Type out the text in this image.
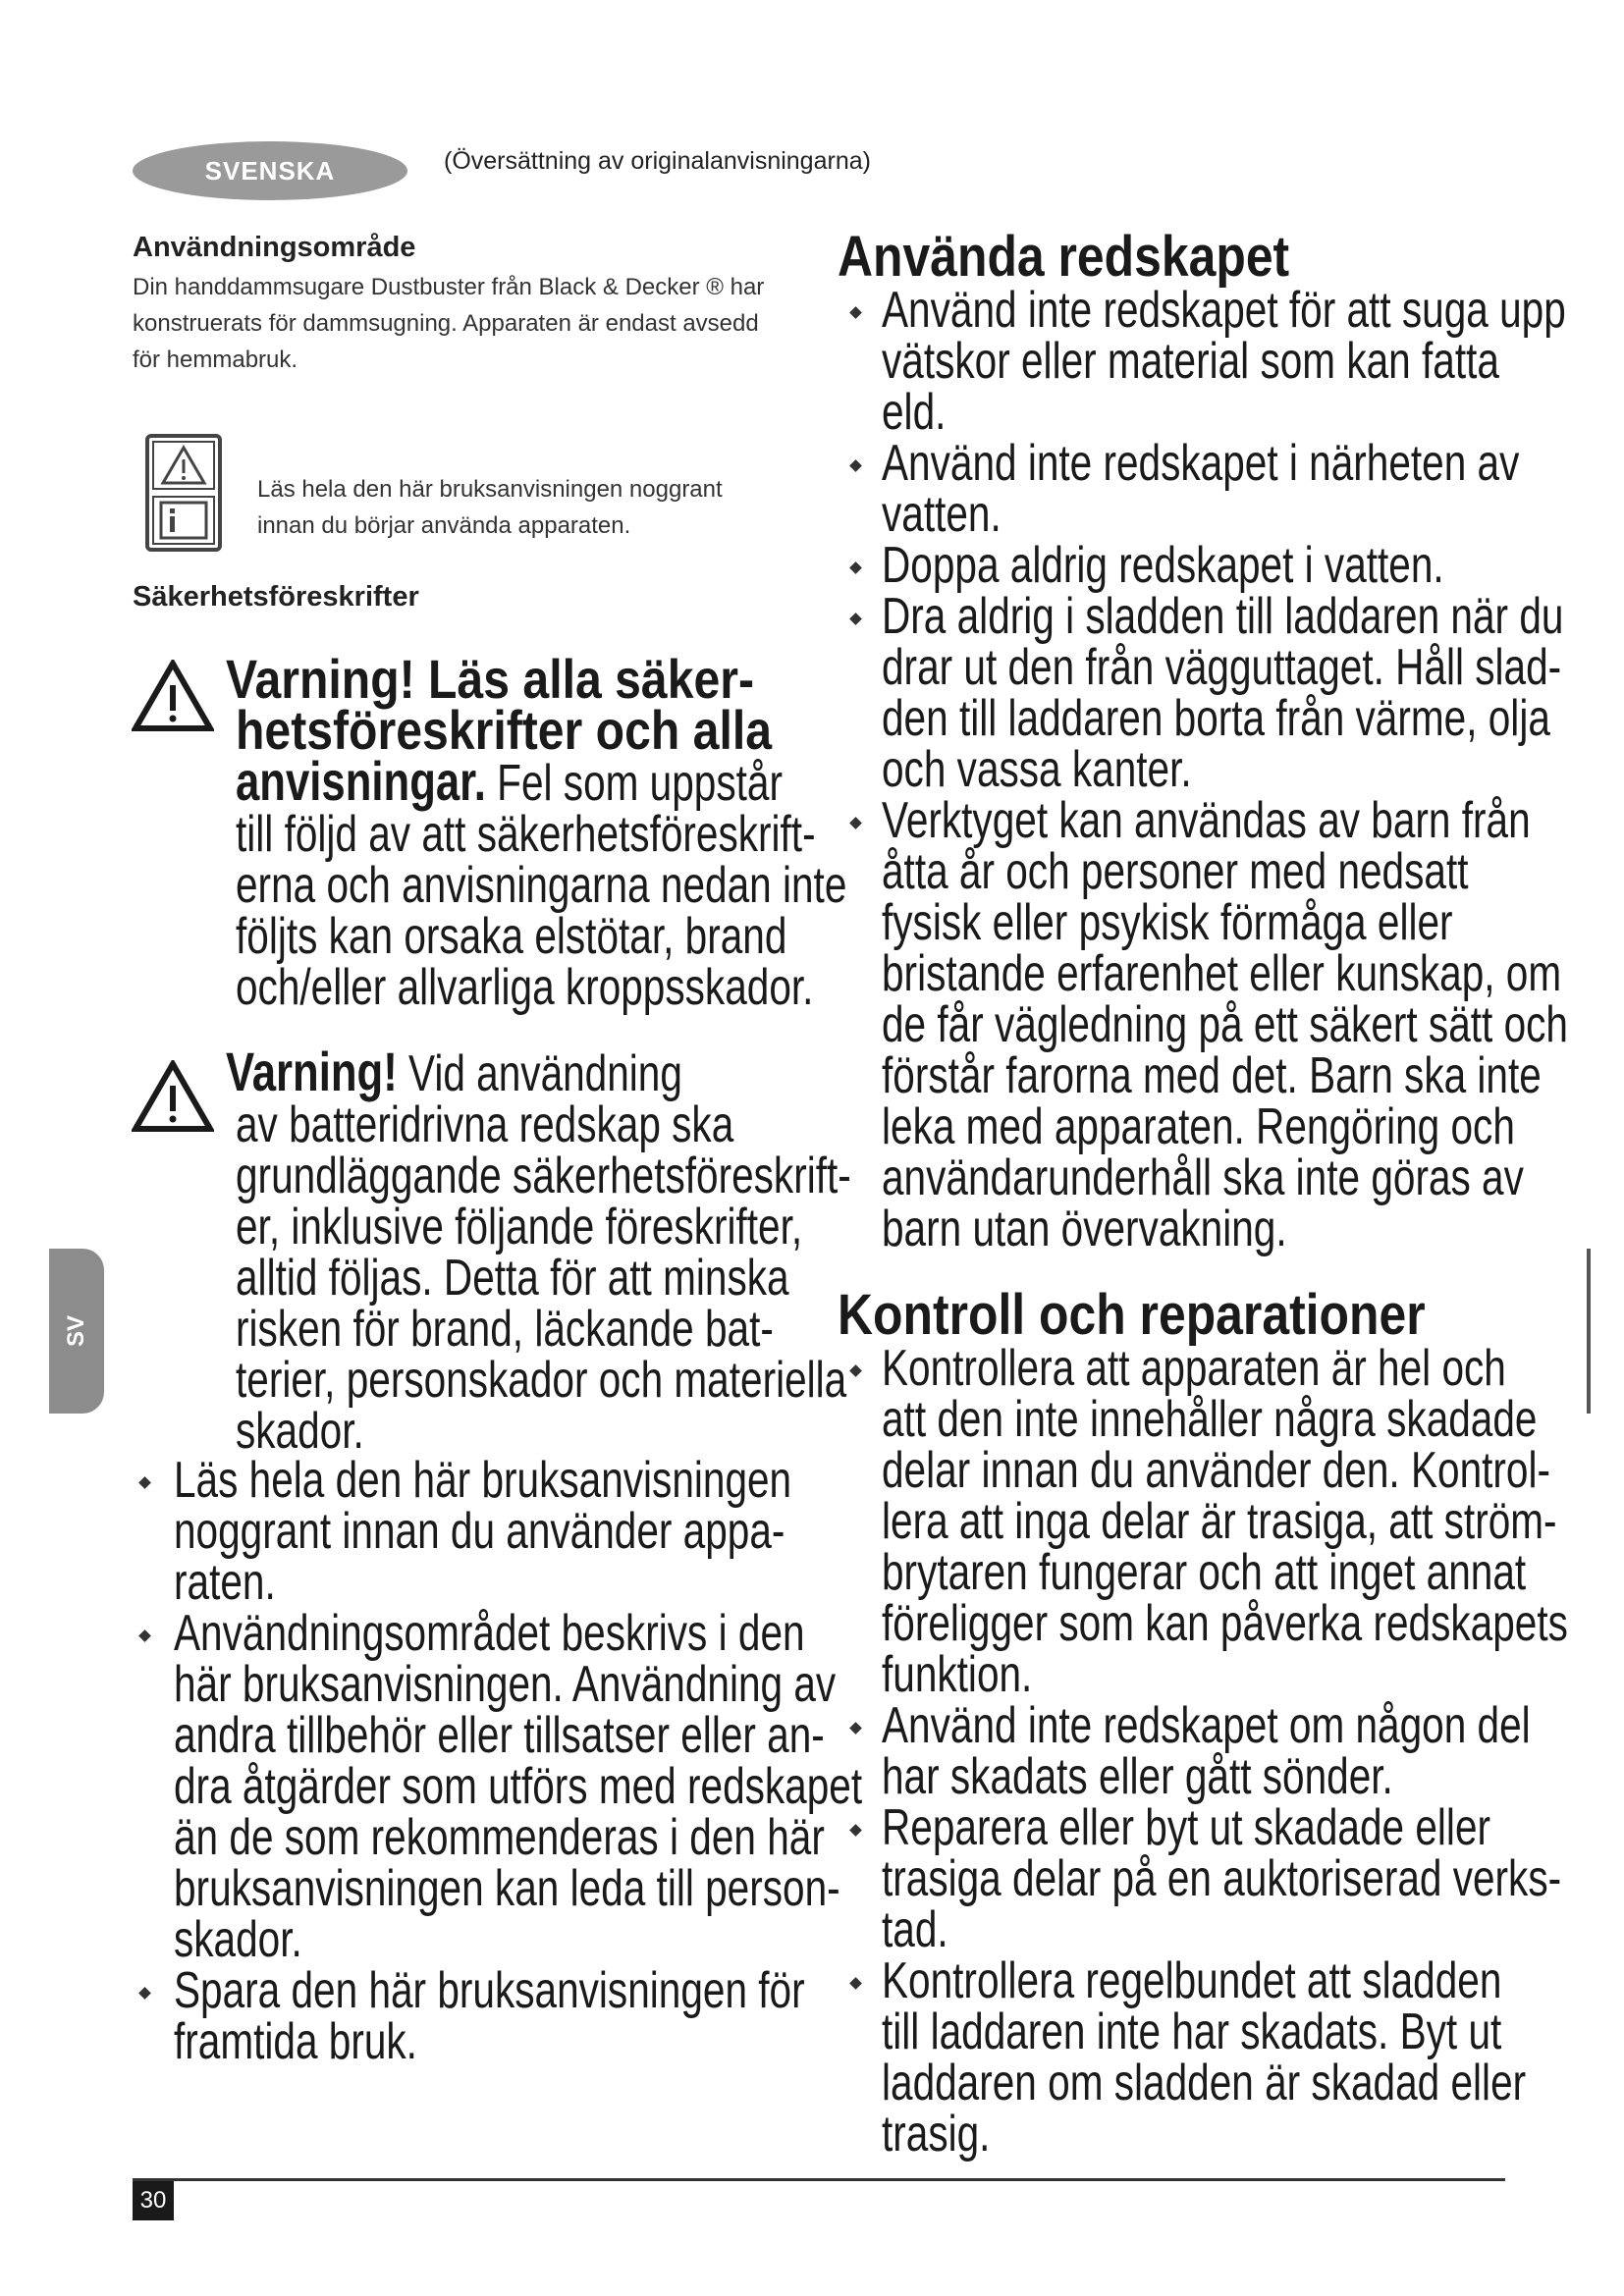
SVENSKA	(Översättning av originalanvisningarna)
SV
Användningsområde
Din handdammsugare Dustbuster från Black & Decker ® har
konstruerats för dammsugning. Apparaten är endast avsedd
för hemmabruk.
Läs hela den här bruksanvisningen noggrant
innan du börjar använda apparaten.
Säkerhetsföreskrifter
Varning! Läs alla säker-
hetsföreskrifter och alla
anvisningar. Fel som uppstår
till följd av att säkerhetsföreskrift-
erna och anvisningarna nedan inte
följts kan orsaka elstötar, brand
och/eller allvarliga kroppsskador.
Varning! Vid användning
av batteridrivna redskap ska
grundläggande säkerhetsföreskrift-
er, inklusive följande föreskrifter,
alltid följas. Detta för att minska
risken för brand, läckande bat-
terier, personskador och materiella
skador.
Läs hela den här bruksanvisningen
noggrant innan du använder appa-
raten.
Användningsområdet beskrivs i den
här bruksanvisningen. Användning av
andra tillbehör eller tillsatser eller an-
dra åtgärder som utförs med redskapet
än de som rekommenderas i den här
bruksanvisningen kan leda till person-
skador.
Spara den här bruksanvisningen för
framtida bruk.
Använda redskapet
Använd inte redskapet för att suga upp
vätskor eller material som kan fatta
eld.
Använd inte redskapet i närheten av
vatten.
Doppa aldrig redskapet i vatten.
Dra aldrig i sladden till laddaren när du
drar ut den från vägguttaget. Håll slad-
den till laddaren borta från värme, olja
och vassa kanter.
Verktyget kan användas av barn från
åtta år och personer med nedsatt
fysisk eller psykisk förmåga eller
bristande erfarenhet eller kunskap, om
de får vägledning på ett säkert sätt och
förstår farorna med det. Barn ska inte
leka med apparaten. Rengöring och
användarunderhåll ska inte göras av
barn utan övervakning.
Kontroll och reparationer
Kontrollera att apparaten är hel och
att den inte innehåller några skadade
delar innan du använder den. Kontrol-
lera att inga delar är trasiga, att ström-
brytaren fungerar och att inget annat
föreligger som kan påverka redskapets
funktion.
Använd inte redskapet om någon del
har skadats eller gått sönder.
Reparera eller byt ut skadade eller
trasiga delar på en auktoriserad verks-
tad.
Kontrollera regelbundet att sladden
till laddaren inte har skadats. Byt ut
laddaren om sladden är skadad eller
trasig.
30
